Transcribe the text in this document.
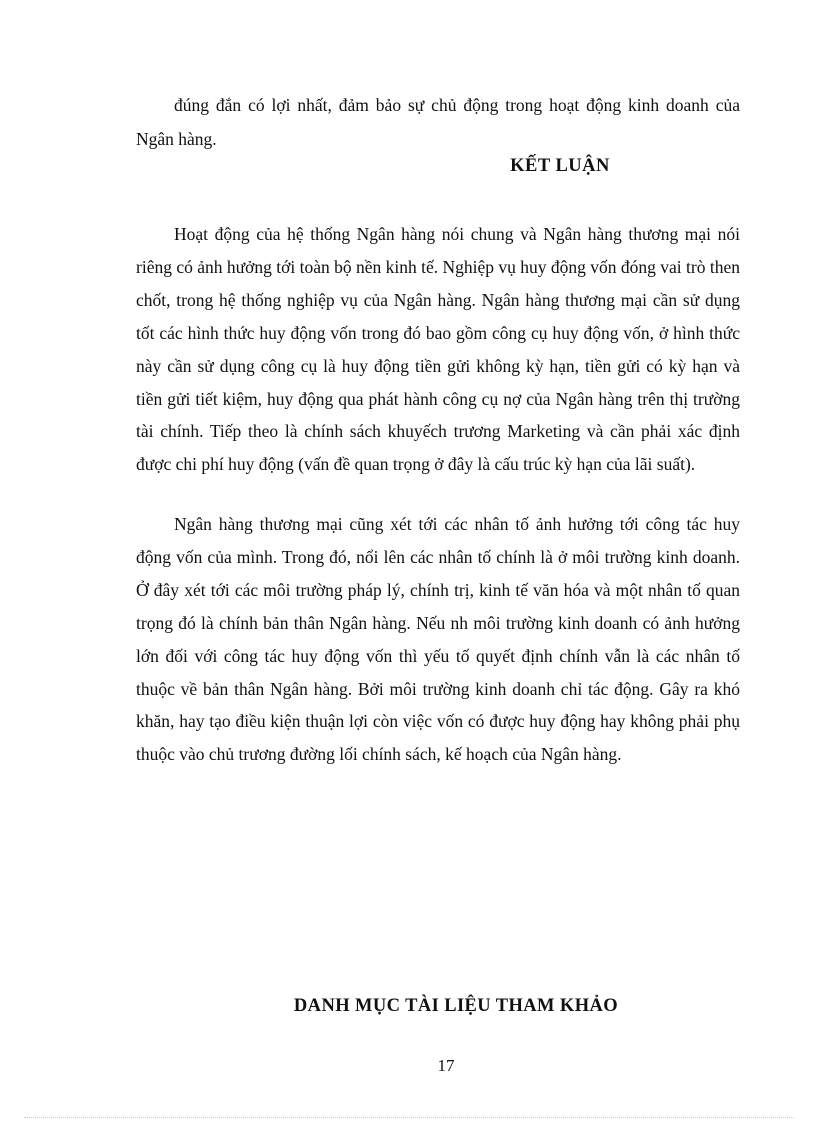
đúng đắn có lợi nhất, đảm bảo sự chủ động trong hoạt động kinh doanh của Ngân hàng.

KẾT LUẬN

Hoạt động của hệ thống Ngân hàng nói chung và Ngân hàng thương mại nói riêng có ảnh hưởng tới toàn bộ nền kinh tế. Nghiệp vụ huy động vốn đóng vai trò then chốt, trong hệ thống nghiệp vụ của Ngân hàng. Ngân hàng thương mại cần sử dụng tốt các hình thức huy động vốn trong đó bao gồm công cụ huy động vốn, ở hình thức này cần sử dụng công cụ là huy động tiền gửi không kỳ hạn, tiền gửi có kỳ hạn và tiền gửi tiết kiệm, huy động qua phát hành công cụ nợ của Ngân hàng trên thị trường tài chính. Tiếp theo là chính sách khuyếch trương Marketing và cần phải xác định được chi phí huy động (vấn đề quan trọng ở đây là cấu trúc kỳ hạn của lãi suất).

Ngân hàng thương mại cũng xét tới các nhân tố ảnh hưởng tới công tác huy động vốn của mình. Trong đó, nổi lên các nhân tố chính là ở môi trường kinh doanh. Ở đây xét tới các môi trường pháp lý, chính trị, kinh tế văn hóa và một nhân tố quan trọng đó là chính bản thân Ngân hàng. Nếu nh môi trường kinh doanh có ảnh hưởng lớn đối với công tác huy động vốn thì yếu tố quyết định chính vẫn là các nhân tố thuộc về bản thân Ngân hàng. Bởi môi trường kinh doanh chỉ tác động. Gây ra khó khăn, hay tạo điều kiện thuận lợi còn việc vốn có được huy động hay không phải phụ thuộc vào chủ trương đường lối chính sách, kế hoạch của Ngân hàng.

DANH MỤC TÀI LIỆU THAM KHẢO

17
